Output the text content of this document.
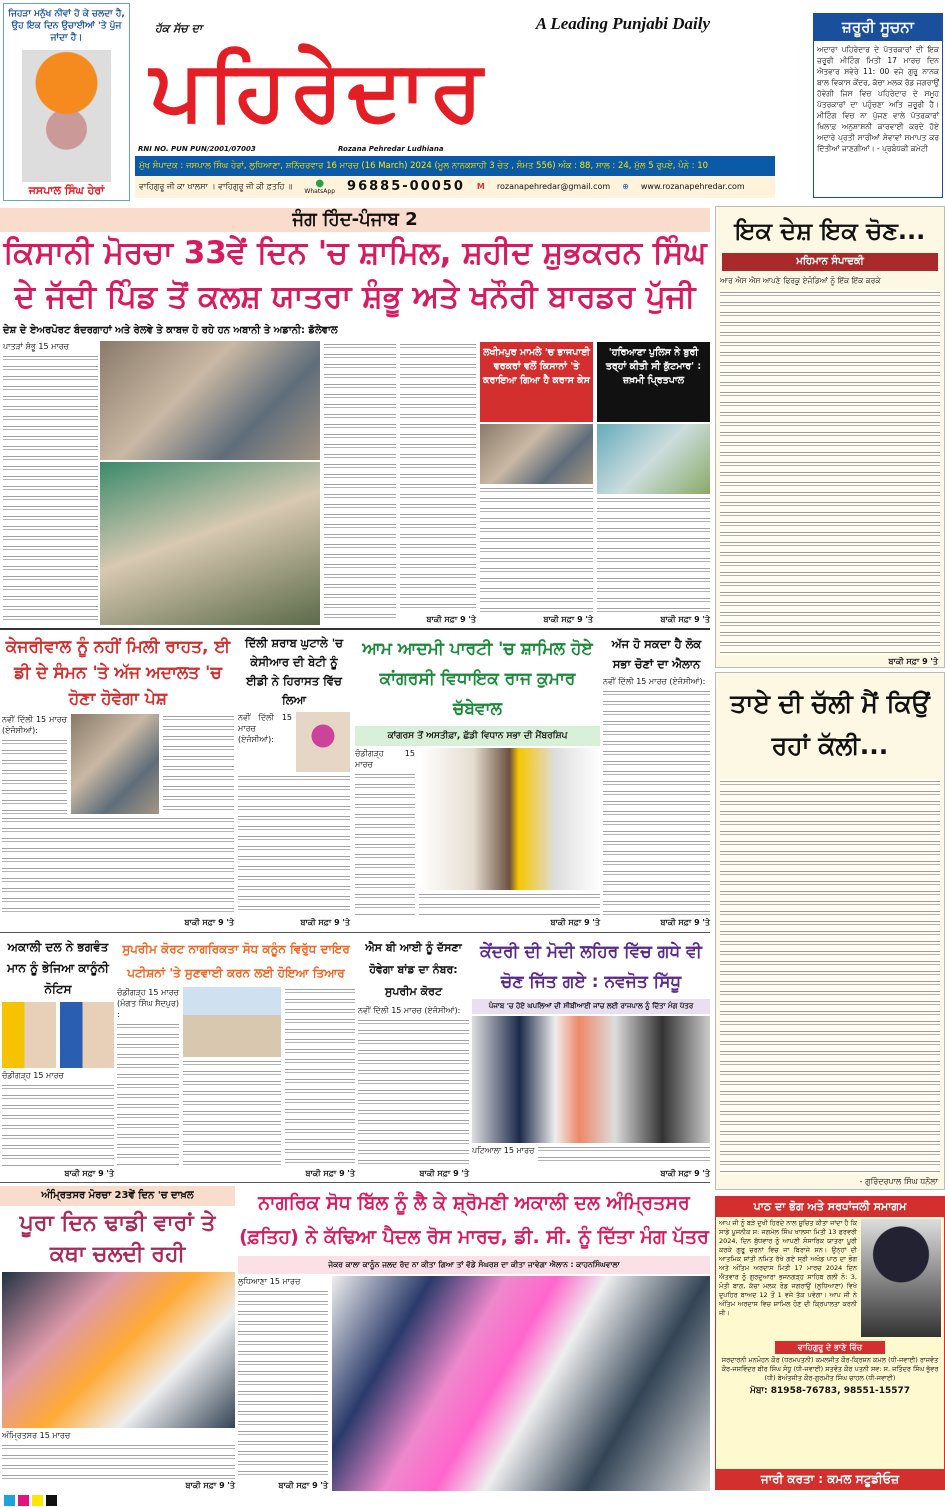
ਜਿਹੜਾ ਮਨੁੱਖ ਨੀਵਾਂ ਹੋ ਕੇ ਚਲਦਾ ਹੈ, ਉਹ ਇਕ ਦਿਨ ਉਚਾਈਆਂ 'ਤੇ ਪੁੱਜ ਜਾਂਦਾ ਹੈ।
ਜਸਪਾਲ ਸਿੰਘ ਹੇਰਾਂ
ਹੱਕ ਸੱਚ ਦਾ	A Leading Punjabi Daily
ਪਹਿਰੇਦਾਰ
RNI NO. PUN PUN/2001/07003	Rozana Pehredar Ludhiana
ਮੁੱਖ ਸੰਪਾਦਕ : ਜਸਪਾਲ ਸਿੰਘ ਹੇਰਾਂ, ਲੁਧਿਆਣਾ, ਸ਼ਨਿੱਚਰਵਾਰ 16 ਮਾਰਚ (16 March) 2024 (ਮੂਲ ਨਾਨਕਸ਼ਾਹੀ 3 ਚੇਤ , ਸੰਮਤ 556) ਅੰਕ : 88, ਸਾਲ : 24, ਮੁੱਲ 5 ਰੁਪਏ, ਪੰਨੇ : 10
ਵਾਹਿਗੁਰੂ ਜੀ ਕਾ ਖਾਲਸਾ । ਵਾਹਿਗੁਰੂ ਜੀ ਕੀ ਫ਼ਤਹਿ ॥ ●
WhatsApp 96885-00050 M rozanapehredar@gmail.com ⊕ www.rozanapehredar.com
ਜ਼ਰੂਰੀ ਸੂਚਨਾ
ਅਦਾਰਾ ਪਹਿਰੇਦਾਰ ਦੇ ਪੱਤਰਕਾਰਾਂ ਦੀ ਇਕ ਜ਼ਰੂਰੀ ਮੀਟਿੰਗ ਮਿਤੀ 17 ਮਾਰਚ ਦਿਨ ਐਤਵਾਰ ਸਵੇਰੇ 11: 00 ਵਜੇ ਗੁਰੂ ਨਾਨਕ ਬਾਲ ਵਿਕਾਸ ਕੇਂਦਰ, ਕੱਚਾ ਮਲਕ ਰੋਡ ਜਗਰਾਉਂ ਹੋਵੇਗੀ ਜਿਸ ਵਿਚ ਪਹਿਰੇਦਾਰ ਦੇ ਸਮੂਹ ਪੱਤਰਕਾਰਾਂ ਦਾ ਪਹੁੰਚਣਾ ਅਤਿ ਜ਼ਰੂਰੀ ਹੈ। ਮੀਟਿੰਗ ਵਿਚ ਨਾ ਪੁੱਜਣ ਵਾਲੇ ਪੱਤਰਕਾਰਾਂ ਖਿਲਾਫ਼ ਅਨੁਸ਼ਾਸ਼ਨੀ ਕਾਰਵਾਈ ਕਰਦੇ ਹੋਏ ਅਦਾਰੇ ਪ੍ਰਤੀ ਸਾਰੀਆਂ ਸੇਵਾਵਾਂ ਸਮਾਪਤ ਕਰ ਦਿੱਤੀਆਂ ਜਾਣਗੀਆਂ। - ਪ੍ਰਬੰਧਕੀ ਕਮੇਟੀ
ਜੰਗ ਹਿੰਦ-ਪੰਜਾਬ 2
ਕਿਸਾਨੀ ਮੋਰਚਾ 33ਵੇਂ ਦਿਨ 'ਚ ਸ਼ਾਮਿਲ, ਸ਼ਹੀਦ ਸ਼ੁਭਕਰਨ ਸਿੰਘ
ਦੇ ਜੱਦੀ ਪਿੰਡ ਤੋਂ ਕਲਸ਼ ਯਾਤਰਾ ਸ਼ੰਭੂ ਅਤੇ ਖਨੌਰੀ ਬਾਰਡਰ ਪੁੱਜੀ
ਦੇਸ਼ ਦੇ ਏਅਰਪੋਰਟ ਬੰਦਰਗਾਹਾਂ ਅਤੇ ਰੇਲਵੇ ਤੇ ਕਾਬਜ਼ ਹੋ ਰਹੇ ਹਨ ਅਬਾਨੀ ਤੇ ਅਡਾਨੀ: ਡੱਲੇਵਾਲ
ਪਾਤੜਾਂ ਸ਼ੰਭੂ 15 ਮਾਰਚ
ਬਾਕੀ ਸਫ਼ਾ 9 'ਤੇ
ਲਖੀਮਪੁਰ ਮਾਮਲੇ 'ਚ ਭਾਜਪਾਈ ਵਰਕਰਾਂ ਵਲੋਂ ਕਿਸਾਨਾਂ 'ਤੇ ਕਰਾਇਆ ਗਿਆ ਹੈ ਕਰਾਸ ਕੇਸ
ਬਾਕੀ ਸਫ਼ਾ 9 'ਤੇ
'ਹਰਿਆਣਾ ਪੁਲਿਸ ਨੇ ਬੁਰੀ ਤਰ੍ਹਾਂ ਕੀਤੀ ਸੀ ਕੁੱਟਮਾਰ' : ਜ਼ਖ਼ਮੀ ਪ੍ਰਿਤਪਾਲ
ਬਾਕੀ ਸਫ਼ਾ 9 'ਤੇ
ਕੇਜਰੀਵਾਲ ਨੂੰ ਨਹੀਂ ਮਿਲੀ ਰਾਹਤ, ਈ ਡੀ ਦੇ ਸੰਮਨ 'ਤੇ ਅੱਜ ਅਦਾਲਤ 'ਚ ਹੋਣਾ ਹੋਵੇਗਾ ਪੇਸ਼
ਨਵੀਂ ਦਿੱਲੀ 15 ਮਾਰਚ (ਏਜੰਸੀਆਂ):
ਬਾਕੀ ਸਫ਼ਾ 9 'ਤੇ
ਦਿੱਲੀ ਸ਼ਰਾਬ ਘੁਟਾਲੇ 'ਚ ਕੇਸੀਆਰ ਦੀ ਬੇਟੀ ਨੂੰ ਈਡੀ ਨੇ ਹਿਰਾਸਤ ਵਿੱਚ ਲਿਆ
ਨਵੀਂ ਦਿੱਲੀ 15 ਮਾਰਚ (ਏਜੰਸੀਆਂ):
ਬਾਕੀ ਸਫ਼ਾ 9 'ਤੇ
ਆਮ ਆਦਮੀ ਪਾਰਟੀ 'ਚ ਸ਼ਾਮਿਲ ਹੋਏ ਕਾਂਗਰਸੀ ਵਿਧਾਇਕ ਰਾਜ ਕੁਮਾਰ ਚੱਬੇਵਾਲ
ਕਾਂਗਰਸ ਤੋਂ ਅਸਤੀਫ਼ਾ, ਛੱਡੀ ਵਿਧਾਨ ਸਭਾ ਦੀ ਮੈਂਬਰਸ਼ਿਪ
ਚੰਡੀਗੜ੍ਹ 15 ਮਾਰਚ
ਬਾਕੀ ਸਫ਼ਾ 9 'ਤੇ
ਅੱਜ ਹੋ ਸਕਦਾ ਹੈ ਲੋਕ ਸਭਾ ਚੋਣਾਂ ਦਾ ਐਲਾਨ
ਨਵੀਂ ਦਿੱਲੀ 15 ਮਾਰਚ (ਏਜੰਸੀਆਂ):
ਬਾਕੀ ਸਫ਼ਾ 9 'ਤੇ
ਅਕਾਲੀ ਦਲ ਨੇ ਭਗਵੰਤ ਮਾਨ ਨੂੰ ਭੇਜਿਆ ਕਾਨੂੰਨੀ ਨੋਟਿਸ
ਚੰਡੀਗੜ੍ਹ 15 ਮਾਰਚ
ਬਾਕੀ ਸਫ਼ਾ 9 'ਤੇ
ਸੁਪਰੀਮ ਕੋਰਟ ਨਾਗਰਿਕਤਾ ਸੋਧ ਕਨੂੰਨ ਵਿਰੁੱਧ ਦਾਇਰ ਪਟੀਸ਼ਨਾਂ 'ਤੇ ਸੁਣਵਾਈ ਕਰਨ ਲਈ ਹੋਇਆ ਤਿਆਰ
ਚੰਡੀਗੜ੍ਹ 15 ਮਾਰਚ (ਮੰਗਤ ਸਿੰਘ ਸੈਦਪੁਰ) :
ਬਾਕੀ ਸਫ਼ਾ 9 'ਤੇ
ਐਸ ਬੀ ਆਈ ਨੂੰ ਦੱਸਣਾ ਹੋਵੇਗਾ ਬਾਂਡ ਦਾ ਨੰਬਰ: ਸੁਪਰੀਮ ਕੋਰਟ
ਨਵੀਂ ਦਿੱਲੀ 15 ਮਾਰਚ (ਏਜੰਸੀਆਂ):
ਬਾਕੀ ਸਫ਼ਾ 9 'ਤੇ
ਕੇਂਦਰੀ ਦੀ ਮੋਦੀ ਲਹਿਰ ਵਿੱਚ ਗਧੇ ਵੀ ਚੋਣ ਜਿੱਤ ਗਏ : ਨਵਜੋਤ ਸਿੱਧੂ
ਪੰਜਾਬ 'ਚ ਹੋਏ ਘਪਲਿਆਂ ਦੀ ਸੀਬੀਆਈ ਜਾਂਚ ਲਈ ਰਾਜਪਾਲ ਨੂੰ ਦਿੱਤਾ ਮੰਗ ਪੱਤਰ
ਪਟਿਆਲਾ 15 ਮਾਰਚ
ਬਾਕੀ ਸਫ਼ਾ 9 'ਤੇ
ਅੰਮ੍ਰਿਤਸਰ ਮੋਰਚਾ 23ਵੇਂ ਦਿਨ 'ਚ ਦਾਖ਼ਲ
ਪੂਰਾ ਦਿਨ ਢਾਡੀ ਵਾਰਾਂ ਤੇ ਕਥਾ ਚਲਦੀ ਰਹੀ
ਅੰਮ੍ਰਿਤਸਰ 15 ਮਾਰਚ
ਬਾਕੀ ਸਫ਼ਾ 9 'ਤੇ
ਨਾਗਰਿਕ ਸੋਧ ਬਿੱਲ ਨੂੰ ਲੈ ਕੇ ਸ਼੍ਰੋਮਣੀ ਅਕਾਲੀ ਦਲ ਅੰਮ੍ਰਿਤਸਰ (ਫ਼ਤਿਹ) ਨੇ ਕੱਢਿਆ ਪੈਦਲ ਰੋਸ ਮਾਰਚ, ਡੀ. ਸੀ. ਨੂੰ ਦਿੱਤਾ ਮੰਗ ਪੱਤਰ
ਜੇਕਰ ਕਾਲਾ ਕਾਨੂੰਨ ਜਲਦ ਰੱਦ ਨਾ ਕੀਤਾ ਗਿਆ ਤਾਂ ਵੱਡੇ ਸੰਘਰਸ਼ ਦਾ ਕੀਤਾ ਜਾਵੇਗਾ ਐਲਾਨ : ਕਾਹਨਸਿੰਘਵਾਲਾ
ਲੁਧਿਆਣਾ 15 ਮਾਰਚ
ਬਾਕੀ ਸਫ਼ਾ 9 'ਤੇ
ਇਕ ਦੇਸ਼ ਇਕ ਚੋਣ...
ਮਹਿਮਾਨ ਸੰਪਾਦਕੀ
ਆਰ ਐਸ ਐਸ ਆਪਣੇ ਫਿਰਕੂ ਏਜੰਡਿਆਂ ਨੂੰ ਇੱਕ ਇੱਕ ਕਰਕੇ
ਬਾਕੀ ਸਫ਼ਾ 9 'ਤੇ
ਤਾਏ ਦੀ ਚੱਲੀ ਮੈਂ ਕਿਉਂ ਰਹਾਂ ਕੱਲੀ...
- ਗੁਰਿੰਦਰਪਾਲ ਸਿੰਘ ਧਨੌਲਾ
ਪਾਠ ਦਾ ਭੋਗ ਅਤੇ ਸਰਧਾਂਜਲੀ ਸਮਾਗਮ
ਆਪ ਜੀ ਨੂੰ ਬੜੇ ਦੁਖੀ ਹਿਰਦੇ ਨਾਲ ਸੂਚਿਤ ਕੀਤਾ ਜਾਂਦਾ ਹੈ ਕਿ ਸਾਡੇ ਪੂਜਨੀਕ ਸ: ਜਗਮੇਲ ਸਿੰਘ ਖਾਲਸਾ ਮਿਤੀ 13 ਫਰਵਰੀ 2024, ਦਿਨ ਬੁੱਧਵਾਰ ਨੂੰ ਆਪਣੀ ਸੰਸਾਰਿਕ ਯਾਤਰਾ ਪੂਰੀ ਕਰਕੇ ਗੁਰੂ ਚਰਨਾਂ ਵਿਚ ਜਾ ਬਿਰਾਜੇ ਸਨ। ਉਨ੍ਹਾਂ ਦੀ ਆਤਮਿਕ ਸ਼ਾਂਤੀ ਨਮਿਤ ਰੱਖੇ ਗਏ ਸ੍ਰੀ ਅਖੰਡ ਪਾਠ ਦਾ ਭੋਗ ਅਤੇ ਅੰਤਿਮ ਅਰਦਾਸ ਮਿਤੀ 17 ਮਾਰਚ 2024 ਦਿਨ ਐਤਵਾਰ ਨੂੰ ਗੁਰਦੁਆਰਾ ਭਜਨਗੜ੍ਹ ਸਾਹਿਬ ਗਲੀ ਨੰ: 3, ਮੋਤੀ ਬਾਗ, ਕੱਚਾ ਮਲਕ ਰੋਡ ਜਗਰਾਉਂ (ਲੁਧਿਆਣਾ) ਵਿਖੇ ਦੁਪਹਿਰ ਬਾਅਦ 12 ਤੋਂ 1 ਵਜੇ ਤੱਕ ਪਵੇਗਾ। ਆਪ ਜੀ ਨੇ ਅੰਤਿਮ ਅਰਦਾਸ ਵਿਚ ਸ਼ਾਮਿਲ ਹੋਣ ਦੀ ਕ੍ਰਿਪਾਲਤਾ ਕਰਨੀ ਜੀ।
ਵਾਹਿਗੁਰੂ ਦੇ ਭਾਣੇ ਵਿੱਚ
ਸਰਦਾਰਨੀ ਮਨਮੋਹਨ ਕੌਰ (ਧਰਮਪਤਨੀ) ਕਮਲਜੀਤ ਕੌਰ-ਕ੍ਰਿਸ਼ਨ ਕਮਲ (ਧੀ-ਜਵਾਈ) ਰਾਜਵੰਤ ਕੌਰ-ਜਸਵਿੰਦਰ ਬੀਰ ਸਿੰਘ ਸੰਧੂ (ਧੀ-ਜਵਾਈ) ਸਤਵੰਤ ਕੌਰ ਪਤਨੀ ਸਵ: ਸ. ਜਤਿੰਦਰ ਸਿੰਘ ਭੁੱਵਰ (ਧੀ) ਬੇਅੰਤਜੀਤ ਕੌਰ-ਗੁਰਮੀਤ ਸਿੰਘ ਚਾਹਲ (ਧੀ-ਜਵਾਈ)
ਮੋਬਾ: 81958-76783, 98551-15577
ਜਾਰੀ ਕਰਤਾ : ਕਮਲ ਸਟੂਡੀਓਜ਼
